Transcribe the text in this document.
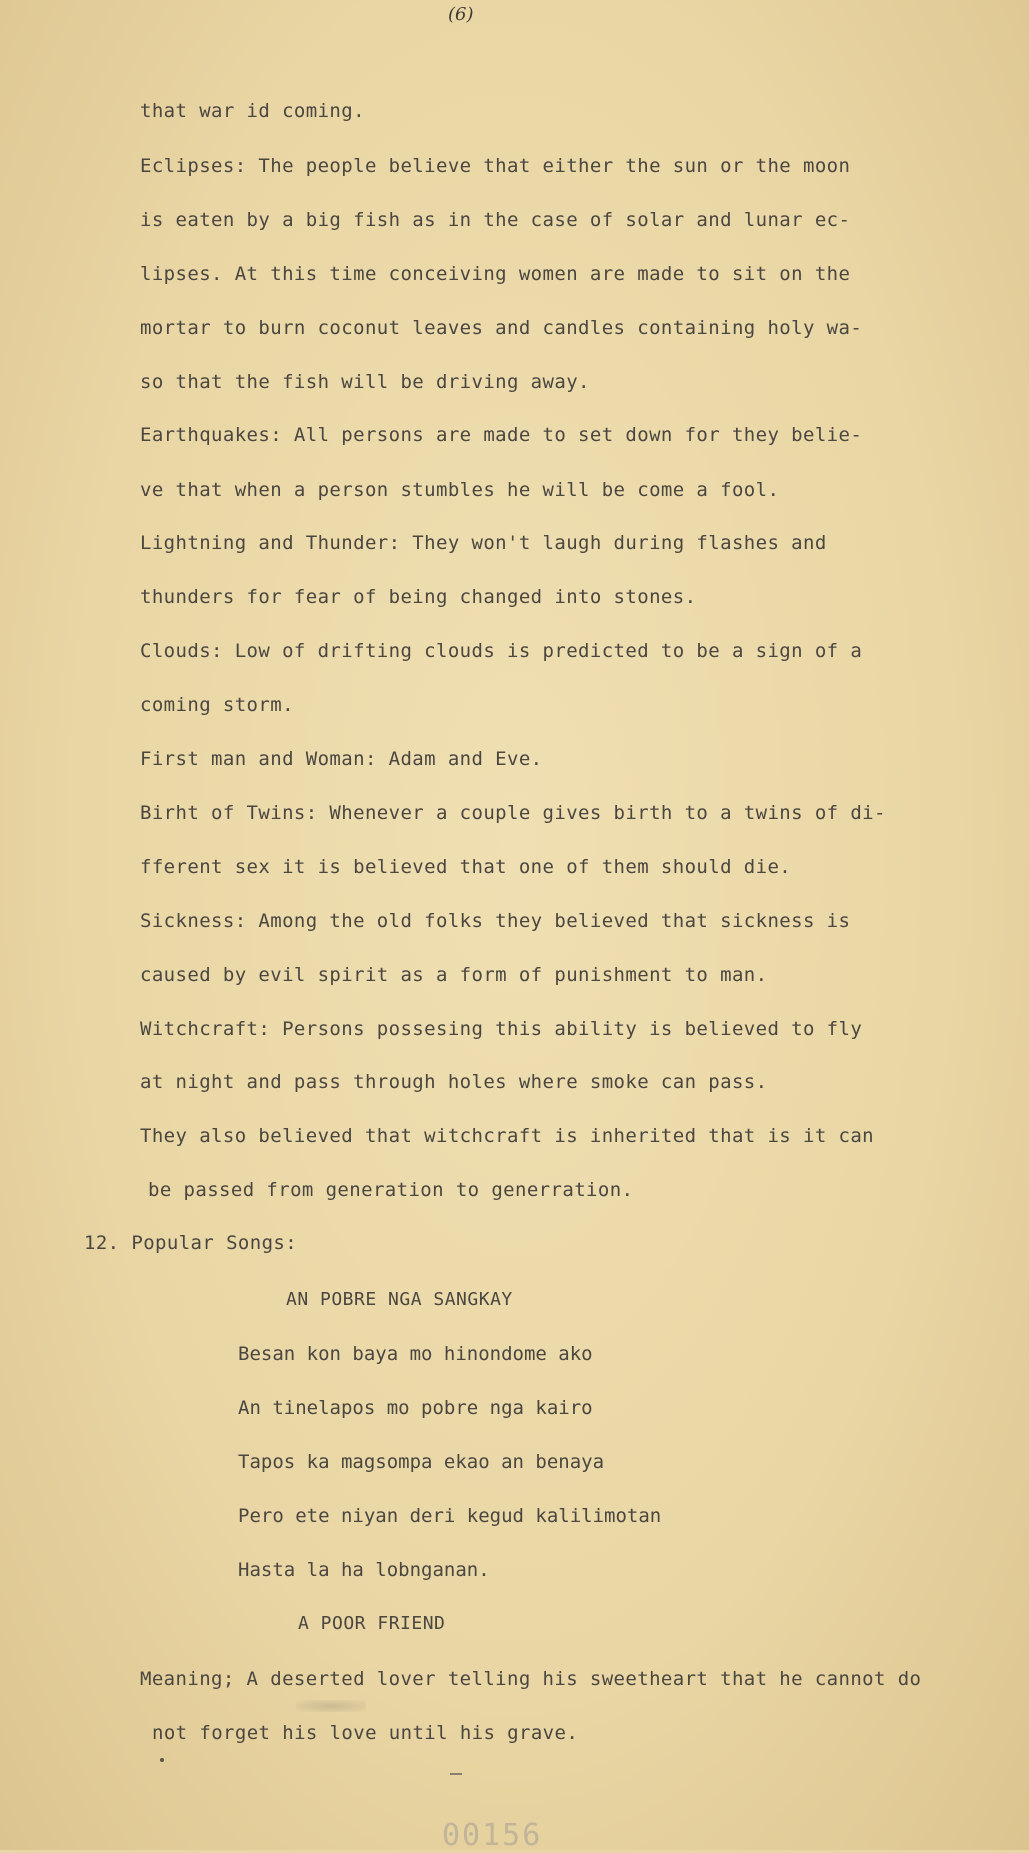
(6)
that war id coming.
Eclipses: The people believe that either the sun or the moon
is eaten by a big fish as in the case of solar and lunar ec-
lipses. At this time conceiving women are made to sit on the
mortar to burn coconut leaves and candles containing holy wa-
so that the fish will be driving away.
Earthquakes: All persons are made to set down for they belie-
ve that when a person stumbles he will be come a fool.
Lightning and Thunder: They won't laugh during flashes and
thunders for fear of being changed into stones.
Clouds: Low of drifting clouds is predicted to be a sign of a
coming storm.
First man and Woman: Adam and Eve.
Birht of Twins: Whenever a couple gives birth to a twins of di-
fferent sex it is believed that one of them should die.
Sickness: Among the old folks they believed that sickness is
caused by evil spirit as a form of punishment to man.
Witchcraft: Persons possesing this ability is believed to fly
at night and pass through holes where smoke can pass.
They also believed that witchcraft is inherited that is it can
be passed from generation to generration.
12. Popular Songs:
AN POBRE NGA SANGKAY
Besan kon baya mo hinondome ako
An tinelapos mo pobre nga kairo
Tapos ka magsompa ekao an benaya
Pero ete niyan deri kegud kalilimotan
Hasta la ha lobnganan.
A POOR FRIEND
Meaning; A deserted lover telling his sweetheart that he cannot do
not forget his love until his grave.
00156
